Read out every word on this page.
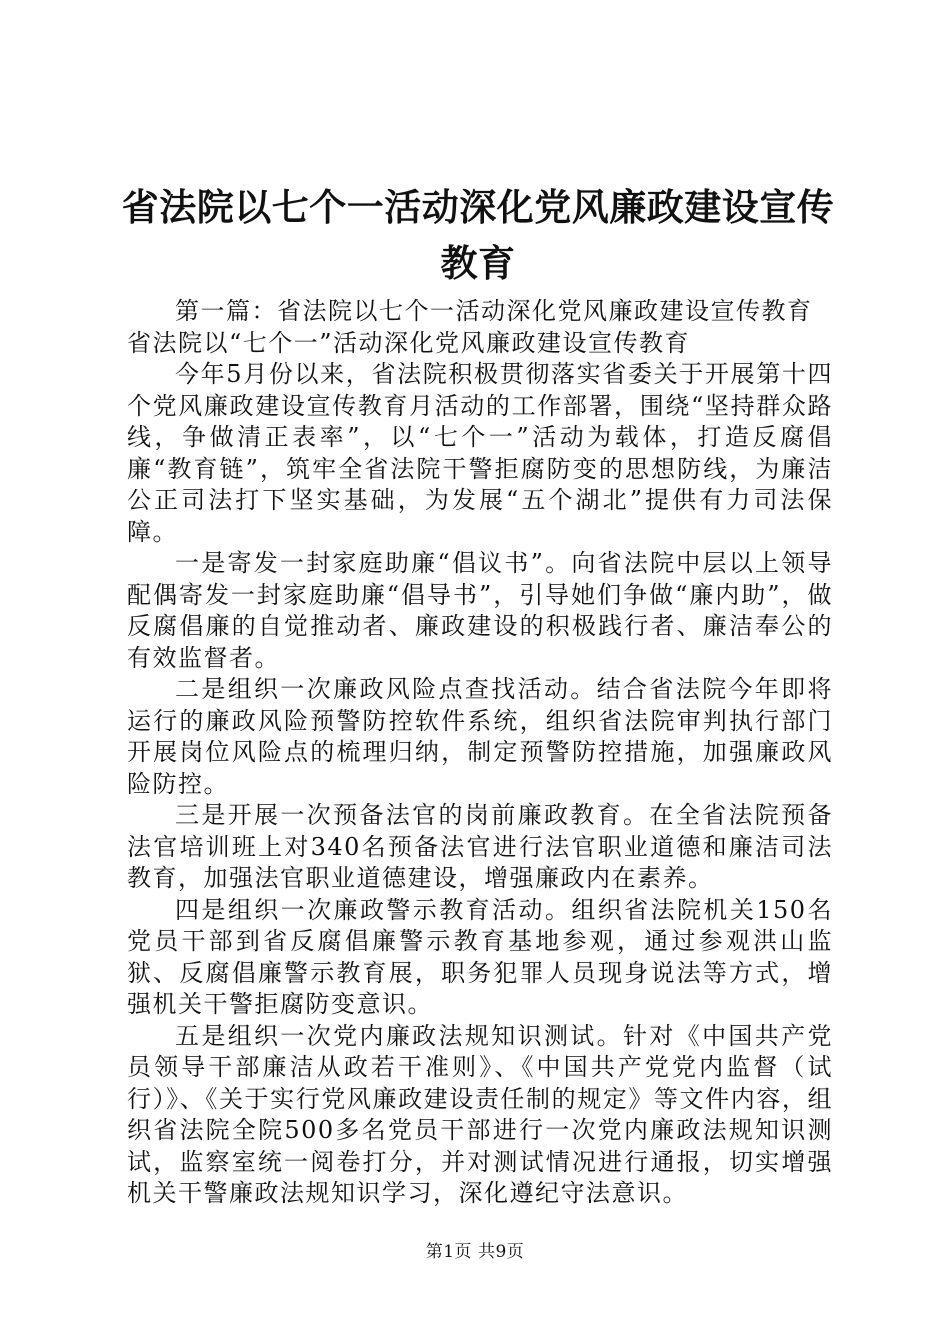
省法院以七个一活动深化党风廉政建设宣传教育

第一篇：省法院以七个一活动深化党风廉政建设宣传教育

省法院以“七个一”活动深化党风廉政建设宣传教育

今年5月份以来，省法院积极贯彻落实省委关于开展第十四个党风廉政建设宣传教育月活动的工作部署，围绕“坚持群众路线，争做清正表率”，以“七个一”活动为载体，打造反腐倡廉“教育链”，筑牢全省法院干警拒腐防变的思想防线，为廉洁公正司法打下坚实基础，为发展“五个湖北”提供有力司法保障。

一是寄发一封家庭助廉“倡议书”。向省法院中层以上领导配偶寄发一封家庭助廉“倡导书”，引导她们争做“廉内助”，做反腐倡廉的自觉推动者、廉政建设的积极践行者、廉洁奉公的有效监督者。

二是组织一次廉政风险点查找活动。结合省法院今年即将运行的廉政风险预警防控软件系统，组织省法院审判执行部门开展岗位风险点的梳理归纳，制定预警防控措施，加强廉政风险防控。

三是开展一次预备法官的岗前廉政教育。在全省法院预备法官培训班上对340名预备法官进行法官职业道德和廉洁司法教育，加强法官职业道德建设，增强廉政内在素养。

四是组织一次廉政警示教育活动。组织省法院机关150名党员干部到省反腐倡廉警示教育基地参观，通过参观洪山监狱、反腐倡廉警示教育展，职务犯罪人员现身说法等方式，增强机关干警拒腐防变意识。

五是组织一次党内廉政法规知识测试。针对《中国共产党员领导干部廉洁从政若干准则》、《中国共产党党内监督（试行）》、《关于实行党风廉政建设责任制的规定》等文件内容，组织省法院全院500多名党员干部进行一次党内廉政法规知识测试，监察室统一阅卷打分，并对测试情况进行通报，切实增强机关干警廉政法规知识学习，深化遵纪守法意识。

第1页 共9页
